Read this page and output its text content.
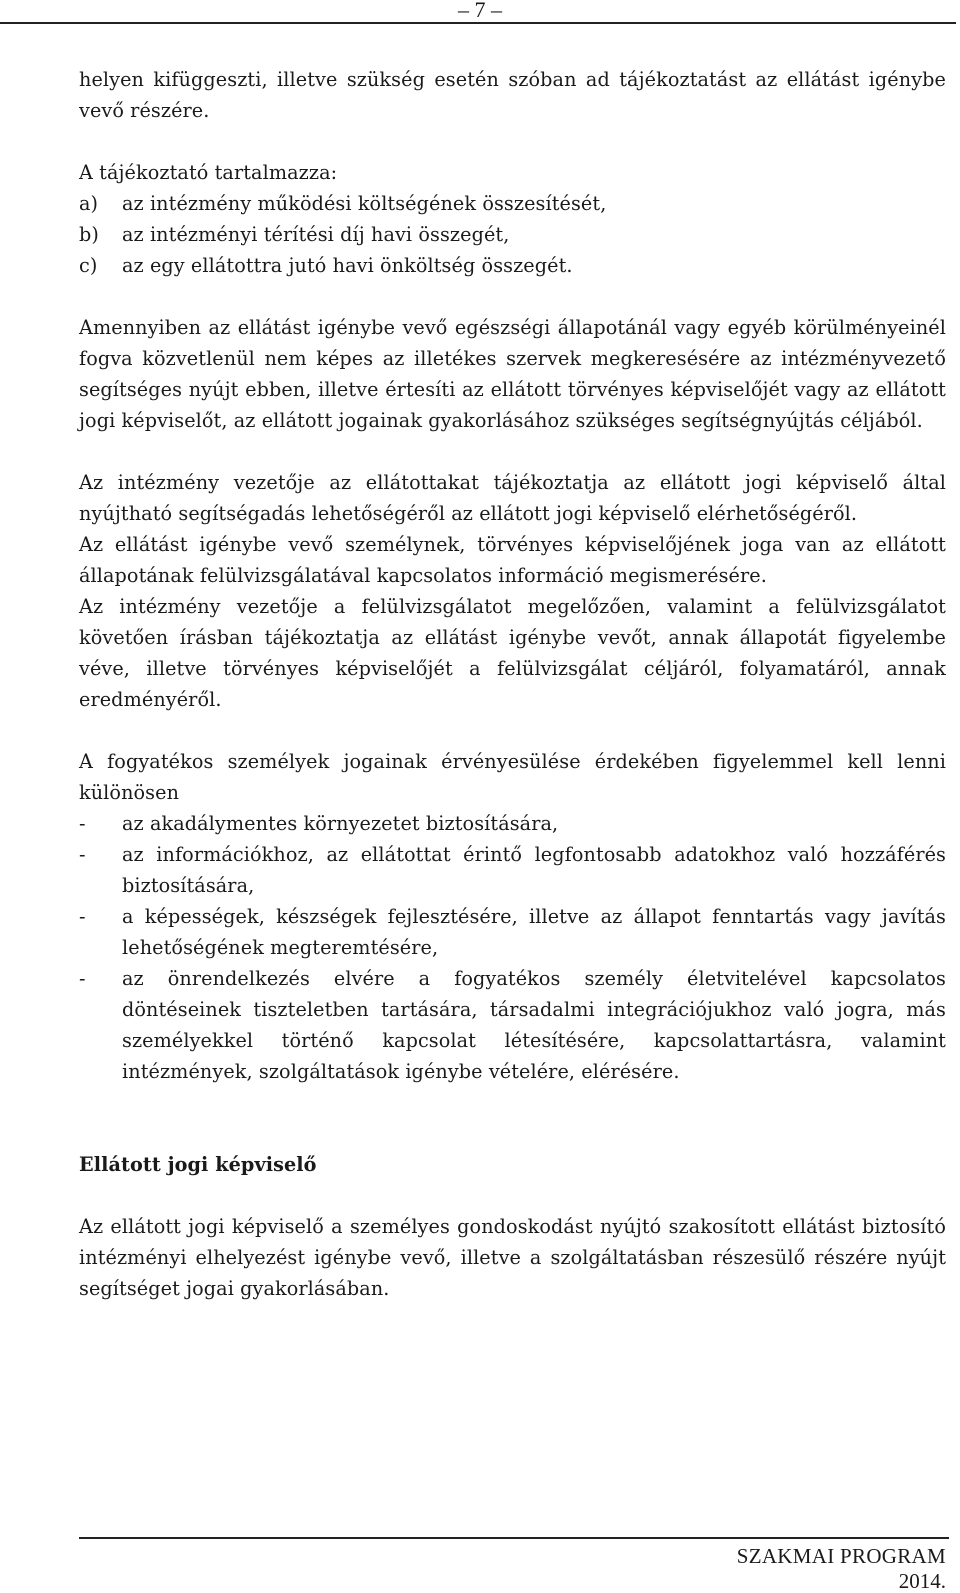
– 7 –

helyen kifüggeszti, illetve szükség esetén szóban ad tájékoztatást az ellátást igénybe vevő részére.

A tájékoztató tartalmazza:

a)	az intézmény működési költségének összesítését,
b)	az intézményi térítési díj havi összegét,
c)	az egy ellátottra jutó havi önköltség összegét.

Amennyiben az ellátást igénybe vevő egészségi állapotánál vagy egyéb körülményeinél fogva közvetlenül nem képes az illetékes szervek megkeresésére az intézményvezető segítséges nyújt ebben, illetve értesíti az ellátott törvényes képviselőjét vagy az ellátott jogi képviselőt, az ellátott jogainak gyakorlásához szükséges segítségnyújtás céljából.

Az intézmény vezetője az ellátottakat tájékoztatja az ellátott jogi képviselő által nyújtható segítségadás lehetőségéről az ellátott jogi képviselő elérhetőségéről.

Az ellátást igénybe vevő személynek, törvényes képviselőjének joga van az ellátott állapotának felülvizsgálatával kapcsolatos információ megismerésére.

Az intézmény vezetője a felülvizsgálatot megelőzően, valamint a felülvizsgálatot követően írásban tájékoztatja az ellátást igénybe vevőt, annak állapotát figyelembe véve, illetve törvényes képviselőjét a felülvizsgálat céljáról, folyamatáról, annak eredményéről.

A fogyatékos személyek jogainak érvényesülése érdekében figyelemmel kell lenni különösen

-	az akadálymentes környezetet biztosítására,
-	az információkhoz, az ellátottat érintő legfontosabb adatokhoz való hozzáférés biztosítására,
-	a képességek, készségek fejlesztésére, illetve az állapot fenntartás vagy javítás lehetőségének megteremtésére,
-	az önrendelkezés elvére a fogyatékos személy életvitelével kapcsolatos döntéseinek tiszteletben tartására, társadalmi integrációjukhoz való jogra, más személyekkel történő kapcsolat létesítésére, kapcsolattartásra, valamint intézmények, szolgáltatások igénybe vételére, elérésére.

Ellátott jogi képviselő

Az ellátott jogi képviselő a személyes gondoskodást nyújtó szakosított ellátást biztosító intézményi elhelyezést igénybe vevő, illetve a szolgáltatásban részesülő részére nyújt segítséget jogai gyakorlásában.

SZAKMAI PROGRAM
2014.
